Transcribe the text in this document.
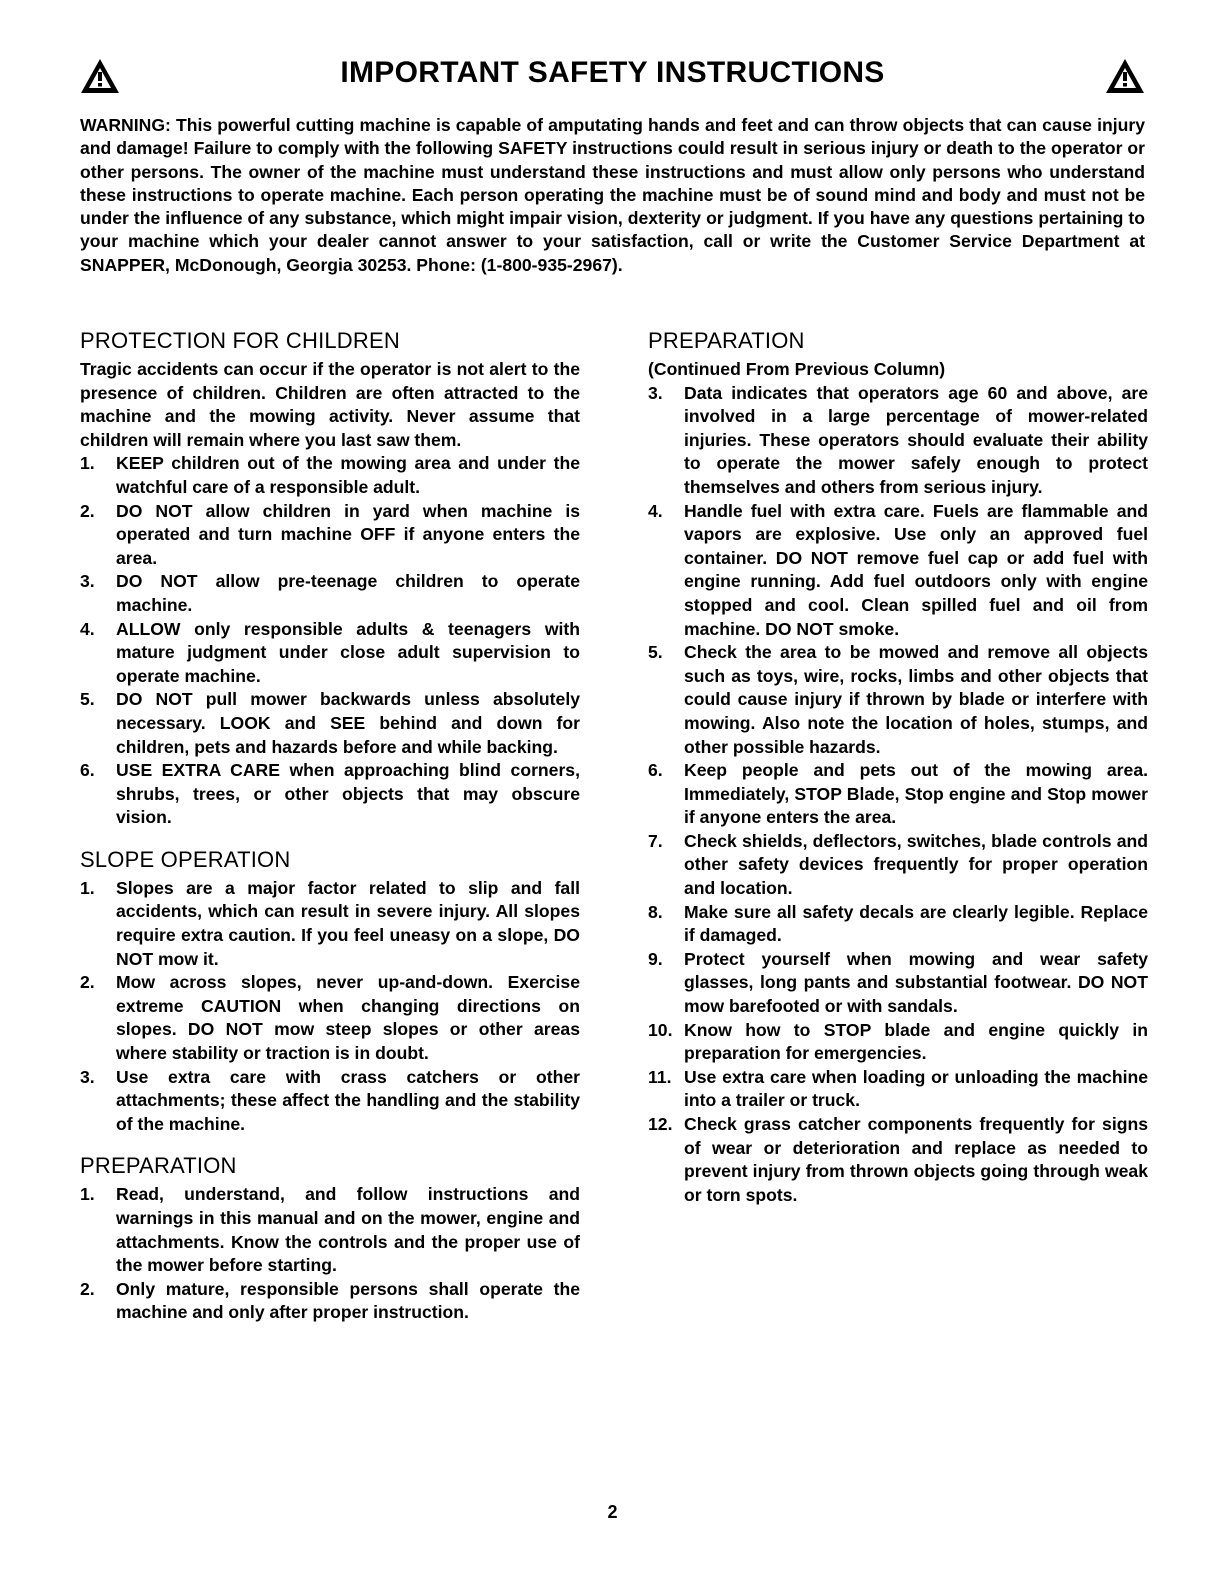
IMPORTANT SAFETY INSTRUCTIONS

WARNING: This powerful cutting machine is capable of amputating hands and feet and can throw objects that can cause injury and damage! Failure to comply with the following SAFETY instructions could result in serious injury or death to the operator or other persons. The owner of the machine must understand these instructions and must allow only persons who understand these instructions to operate machine. Each person operating the machine must be of sound mind and body and must not be under the influence of any substance, which might impair vision, dexterity or judgment. If you have any questions pertaining to your machine which your dealer cannot answer to your satisfaction, call or write the Customer Service Department at SNAPPER, McDonough, Georgia 30253. Phone: (1-800-935-2967).

PROTECTION FOR CHILDREN

Tragic accidents can occur if the operator is not alert to the presence of children. Children are often attracted to the machine and the mowing activity. Never assume that children will remain where you last saw them.

1. KEEP children out of the mowing area and under the watchful care of a responsible adult.
2. DO NOT allow children in yard when machine is operated and turn machine OFF if anyone enters the area.
3. DO NOT allow pre-teenage children to operate machine.
4. ALLOW only responsible adults & teenagers with mature judgment under close adult supervision to operate machine.
5. DO NOT pull mower backwards unless absolutely necessary. LOOK and SEE behind and down for children, pets and hazards before and while backing.
6. USE EXTRA CARE when approaching blind corners, shrubs, trees, or other objects that may obscure vision.
SLOPE OPERATION
1. Slopes are a major factor related to slip and fall accidents, which can result in severe injury. All slopes require extra caution. If you feel uneasy on a slope, DO NOT mow it.
2. Mow across slopes, never up-and-down. Exercise extreme CAUTION when changing directions on slopes. DO NOT mow steep slopes or other areas where stability or traction is in doubt.
3. Use extra care with crass catchers or other attachments; these affect the handling and the stability of the machine.
PREPARATION
1. Read, understand, and follow instructions and warnings in this manual and on the mower, engine and attachments. Know the controls and the proper use of the mower before starting.
2. Only mature, responsible persons shall operate the machine and only after proper instruction.
PREPARATION

(Continued From Previous Column)

3. Data indicates that operators age 60 and above, are involved in a large percentage of mower-related injuries. These operators should evaluate their ability to operate the mower safely enough to protect themselves and others from serious injury.
4. Handle fuel with extra care. Fuels are flammable and vapors are explosive. Use only an approved fuel container. DO NOT remove fuel cap or add fuel with engine running. Add fuel outdoors only with engine stopped and cool. Clean spilled fuel and oil from machine. DO NOT smoke.
5. Check the area to be mowed and remove all objects such as toys, wire, rocks, limbs and other objects that could cause injury if thrown by blade or interfere with mowing. Also note the location of holes, stumps, and other possible hazards.
6. Keep people and pets out of the mowing area. Immediately, STOP Blade, Stop engine and Stop mower if anyone enters the area.
7. Check shields, deflectors, switches, blade controls and other safety devices frequently for proper operation and location.
8. Make sure all safety decals are clearly legible. Replace if damaged.
9. Protect yourself when mowing and wear safety glasses, long pants and substantial footwear. DO NOT mow barefooted or with sandals.
10. Know how to STOP blade and engine quickly in preparation for emergencies.
11. Use extra care when loading or unloading the machine into a trailer or truck.
12. Check grass catcher components frequently for signs of wear or deterioration and replace as needed to prevent injury from thrown objects going through weak or torn spots.
2
